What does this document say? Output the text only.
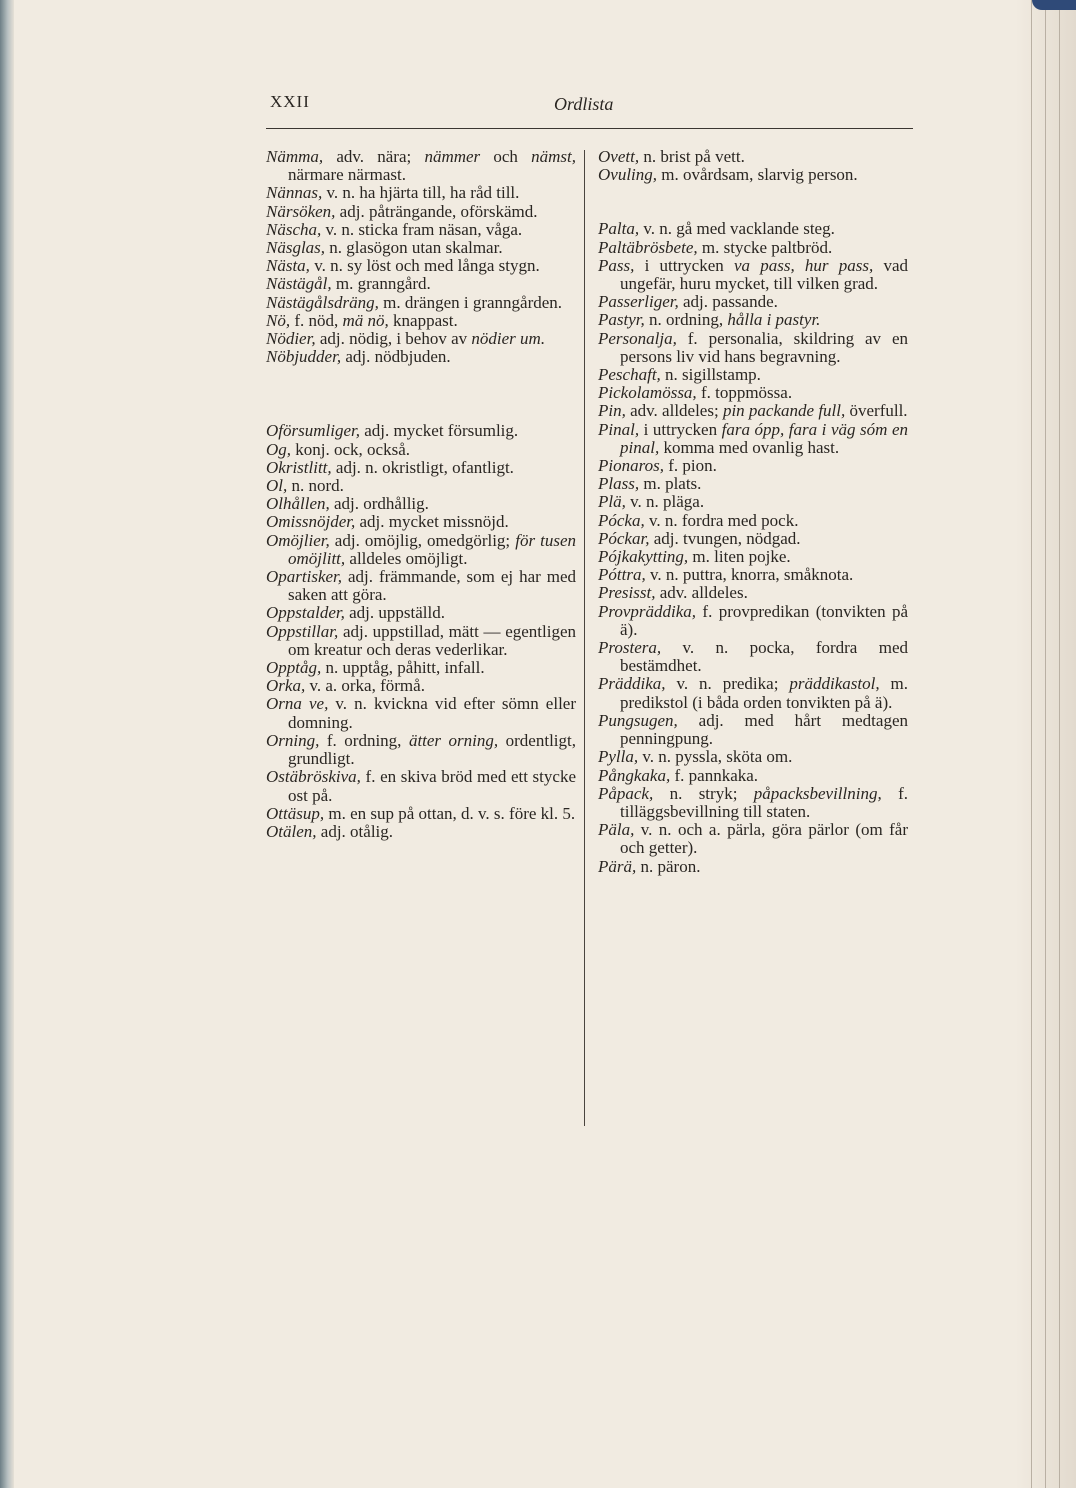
XXII	Ordlista

Nämma, adv. nära; nämmer och nämst, närmare närmast.

Nännas, v. n. ha hjärta till, ha råd till.

Närsöken, adj. påträngande, oförskämd.

Näscha, v. n. sticka fram näsan, våga.

Näsglas, n. glasögon utan skalmar.

Nästa, v. n. sy löst och med långa stygn.

Nästägål, m. granngård.

Nästägålsdräng, m. drängen i granngården.

Nö, f. nöd, mä nö, knappast.

Nödier, adj. nödig, i behov av nödier um.

Nöbjudder, adj. nödbjuden.

Oförsumliger, adj. mycket försumlig.

Og, konj. ock, också.

Okristlitt, adj. n. okristligt, ofantligt.

Ol, n. nord.

Olhållen, adj. ordhållig.

Omissnöjder, adj. mycket missnöjd.

Omöjlier, adj. omöjlig, omedgörlig; för tusen omöjlitt, alldeles omöjligt.

Opartisker, adj. främmande, som ej har med saken att göra.

Oppstalder, adj. uppställd.

Oppstillar, adj. uppstillad, mätt — egentligen om kreatur och deras vederlikar.

Opptåg, n. upptåg, påhitt, infall.

Orka, v. a. orka, förmå.

Orna ve, v. n. kvickna vid efter sömn eller domning.

Orning, f. ordning, ätter orning, ordentligt, grundligt.

Ostäbröskiva, f. en skiva bröd med ett stycke ost på.

Ottäsup, m. en sup på ottan, d. v. s. före kl. 5.

Otälen, adj. otålig.

Ovett, n. brist på vett.

Ovuling, m. ovårdsam, slarvig person.

Palta, v. n. gå med vacklande steg.

Paltäbrösbete, m. stycke paltbröd.

Pass, i uttrycken va pass, hur pass, vad ungefär, huru mycket, till vilken grad.

Passerliger, adj. passande.

Pastyr, n. ordning, hålla i pastyr.

Personalja, f. personalia, skildring av en persons liv vid hans begravning.

Peschaft, n. sigillstamp.

Pickolamössa, f. toppmössa.

Pin, adv. alldeles; pin packande full, överfull.

Pinal, i uttrycken fara ópp, fara i väg sóm en pinal, komma med ovanlig hast.

Pionaros, f. pion.

Plass, m. plats.

Plä, v. n. pläga.

Pócka, v. n. fordra med pock.

Póckar, adj. tvungen, nödgad.

Pójkakytting, m. liten pojke.

Póttra, v. n. puttra, knorra, småknota.

Presisst, adv. alldeles.

Provpräddika, f. provpredikan (tonvikten på ä).

Prostera, v. n. pocka, fordra med bestämdhet.

Präddika, v. n. predika; präddikastol, m. predikstol (i båda orden tonvikten på ä).

Pungsugen, adj. med hårt medtagen penningpung.

Pylla, v. n. pyssla, sköta om.

Pångkaka, f. pannkaka.

Påpack, n. stryk; påpacksbevillning, f. tilläggsbevillning till staten.

Päla, v. n. och a. pärla, göra pärlor (om får och getter).

Pärä, n. päron.
